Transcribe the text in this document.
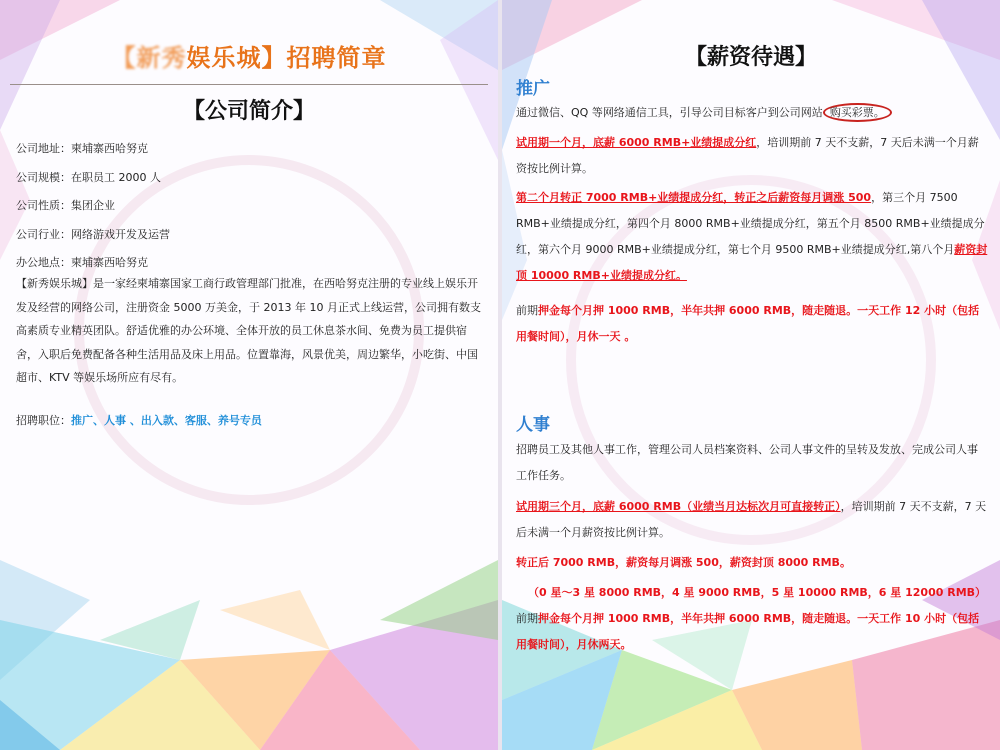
【新秀娱乐城】招聘简章
【公司简介】
公司地址：柬埔寨西哈努克
公司规模：在职员工 2000 人
公司性质：集团企业
公司行业：网络游戏开发及运营
办公地点：柬埔寨西哈努克
【新秀娱乐城】是一家经柬埔寨国家工商行政管理部门批准，在西哈努克注册的专业线上娱乐开发及经营的网络公司，注册资金 5000 万美金，于 2013 年 10 月正式上线运营，公司拥有数支高素质专业精英团队。舒适优雅的办公环境、全体开放的员工休息茶水间、免费为员工提供宿舍，入职后免费配备各种生活用品及床上用品。位置靠海，风景优美，周边繁华，小吃街、中国超市、KTV 等娱乐场所应有尽有。
招聘职位：推广、人事 、出入款、客服、养号专员
【薪资待遇】
推广
通过微信、QQ 等网络通信工具，引导公司目标客户到公司网站 购买彩票。
试用期一个月，底薪 6000 RMB+业绩提成分红，培训期前 7 天不支薪，7 天后未满一个月薪资按比例计算。
第二个月转正 7000 RMB+业绩提成分红，转正之后薪资每月调涨 500，第三个月 7500 RMB+业绩提成分红，第四个月 8000 RMB+业绩提成分红，第五个月 8500 RMB+业绩提成分红，第六个月 9000 RMB+业绩提成分红，第七个月 9500 RMB+业绩提成分红,第八个月薪资封顶 10000 RMB+业绩提成分红。
前期押金每个月押 1000 RMB，半年共押 6000 RMB，随走随退。一天工作 12 小时（包括用餐时间），月休一天 。
人事
招聘员工及其他人事工作，管理公司人员档案资料、公司人事文件的呈转及发放、完成公司人事工作任务。
试用期三个月，底薪 6000 RMB（业绩当月达标次月可直接转正），培训期前 7 天不支薪，7 天后未满一个月薪资按比例计算。
转正后 7000 RMB，薪资每月调涨 500，薪资封顶 8000 RMB。
（0 星～3 星 8000 RMB，4 星 9000 RMB，5 星 10000 RMB，6 星 12000 RMB）
前期押金每个月押 1000 RMB，半年共押 6000 RMB，随走随退。一天工作 10 小时（包括用餐时间），月休两天。
